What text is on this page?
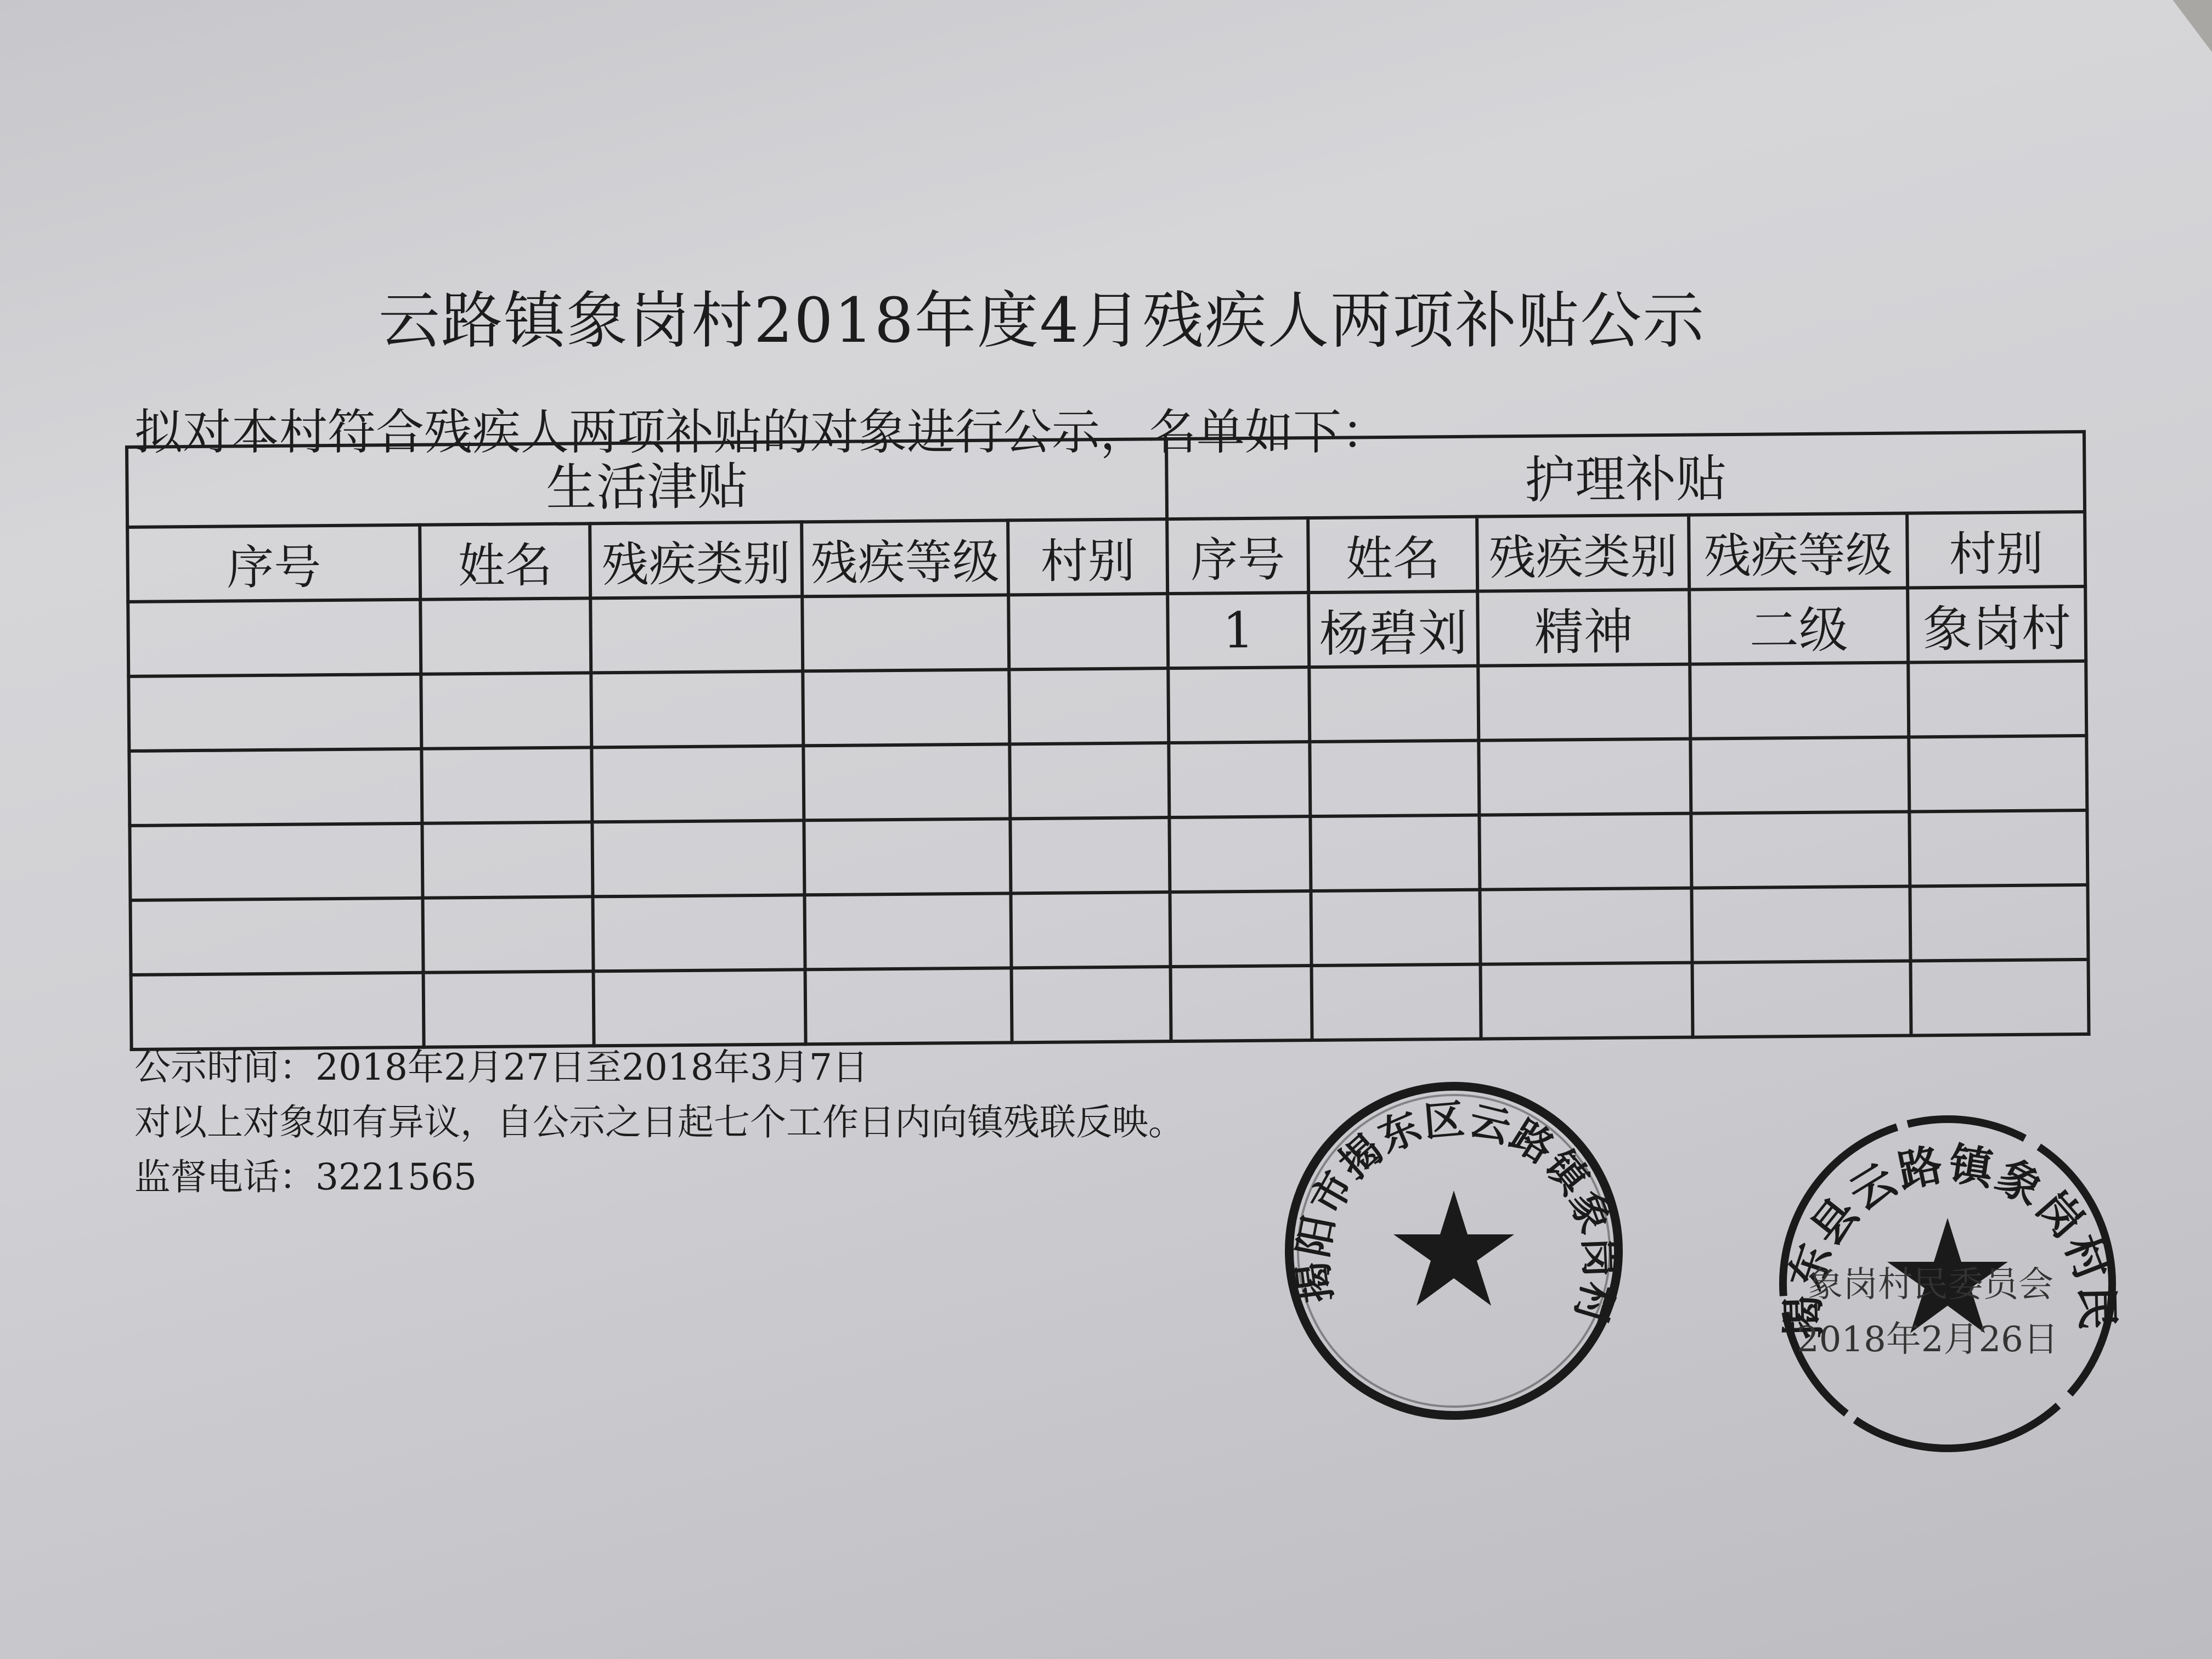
云路镇象岗村2018年度4月残疾人两项补贴公示
拟对本村符合残疾人两项补贴的对象进行公示，名单如下：
生活津贴					护理补贴				
序号	姓名	残疾类别	残疾等级	村别	序号	姓名	残疾类别	残疾等级	村别
					1	杨碧刘	精神	二级	象岗村

公示时间：2018年2月27日至2018年3月7日
对以上对象如有异议，自公示之日起七个工作日内向镇残联反映。
监督电话：3221565
揭阳市揭东区云路镇象岗村	揭东县云路镇象岗村民
象岗村民委员会
2018年2月26日
